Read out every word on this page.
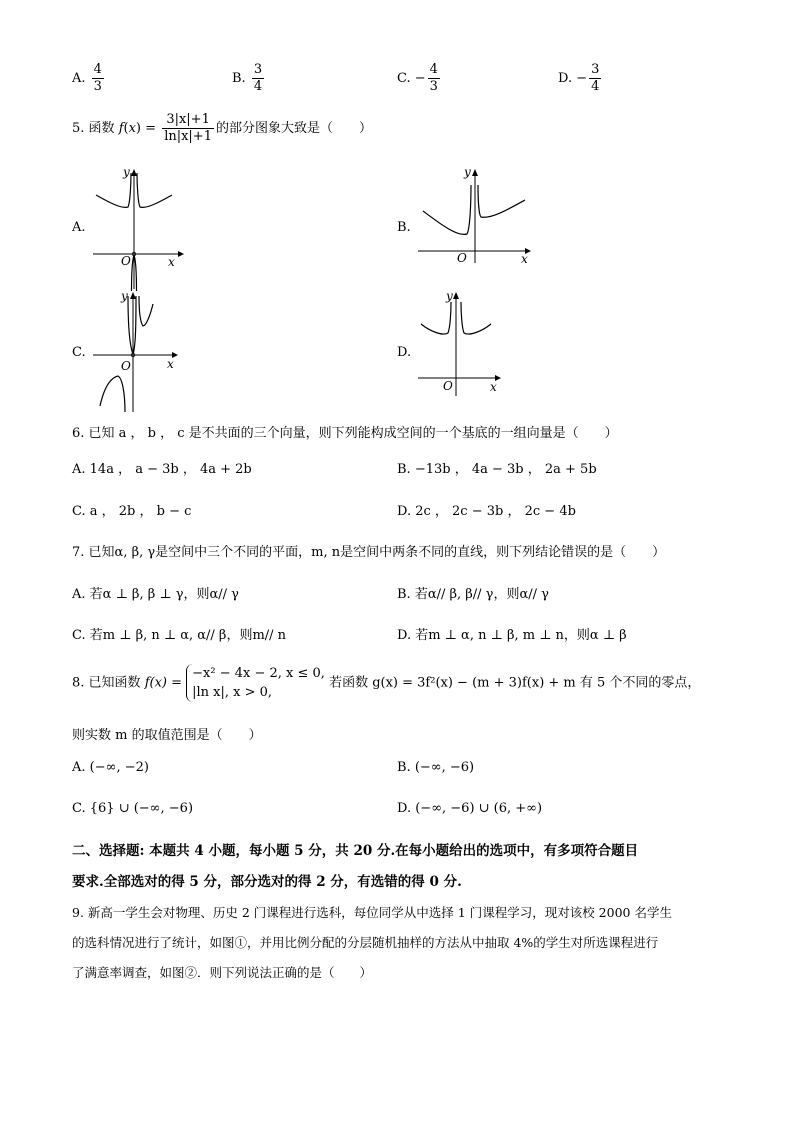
A. $\frac{4}{3}$	B. $\frac{3}{4}$	C. − $\frac{4}{3}$	D. − $\frac{3}{4}$
5. 函数 $f(x) = \frac{3|x|+1}{\ln|x|+1}$ 的部分图象大致是（　　）
A.	B.
C.	D.
y
x
O
y
x
O
y
x
O
y
x
O
6. 已知 a ， b ， c 是不共面的三个向量，则下列能构成空间的一个基底的一组向量是（　　）
A. 14a ， a − 3b ， 4a + 2b	B. −13b ， 4a − 3b ， 2a + 5b
C. a ， 2b ， b − c	D. 2c ， 2c − 3b ， 2c − 4b
7. 已知α, β, γ是空间中三个不同的平面，m, n是空间中两条不同的直线，则下列结论错误的是（　　）
A. 若α ⊥ β, β ⊥ γ，则α// γ	B. 若α// β, β// γ，则α// γ
C. 若m ⊥ β, n ⊥ α, α// β，则m// n	D. 若m ⊥ α, n ⊥ β, m ⊥ n，则α ⊥ β
8. 已知函数 f(x) =
−x² − 4x − 2, x ≤ 0,
|ln x|, x > 0,
若函数 g(x) = 3f²(x) − (m + 3)f(x) + m 有 5 个不同的零点，
则实数 m 的取值范围是（　　）
A. (−∞, −2)	B. (−∞, −6)
C. {6} ∪ (−∞, −6)	D. (−∞, −6) ∪ (6, +∞)
二、选择题: 本题共 4 小题，每小题 5 分，共 20 分.在每小题给出的选项中，有多项符合题目
要求.全部选对的得 5 分，部分选对的得 2 分，有选错的得 0 分.
9. 新高一学生会对物理、历史 2 门课程进行选科，每位同学从中选择 1 门课程学习，现对该校 2000 名学生
的选科情况进行了统计，如图①，并用比例分配的分层随机抽样的方法从中抽取 4%的学生对所选课程进行
了满意率调查，如图②．则下列说法正确的是（　　）
